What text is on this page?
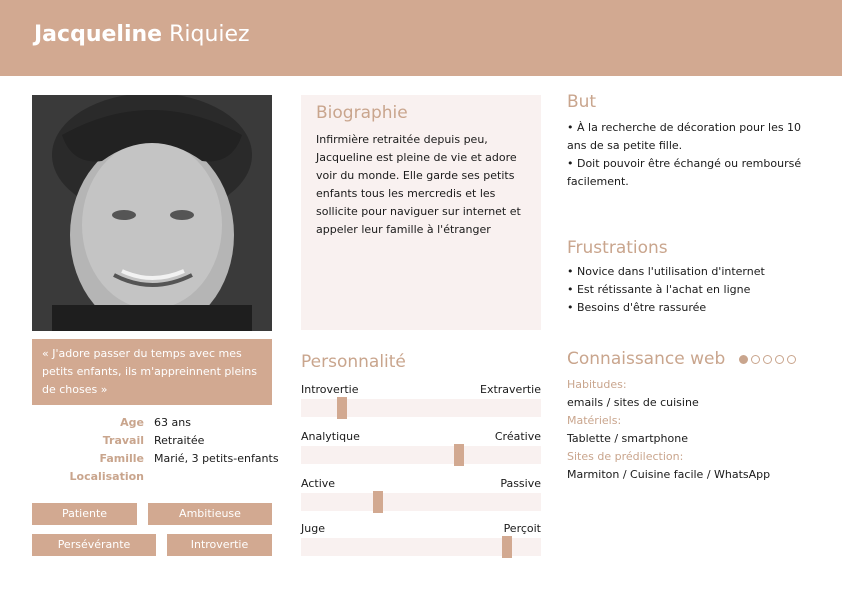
Jacqueline Riquiez
« J'adore passer du temps avec mes petits enfants, ils m'appreinnent pleins de choses »
Age 63 ans
Travail Retraitée
Famille Marié, 3 petits-enfants
Localisation
Patiente	Ambitieuse
Persévérante	Introvertie
Biographie
Infirmière retraitée depuis peu, Jacqueline est pleine de vie et adore voir du monde. Elle garde ses petits enfants tous les mercredis et les sollicite pour naviguer sur internet et appeler leur famille à l'étranger
Personnalité
Introvertie	Extravertie
Analytique	Créative
Active	Passive
Juge	Perçoit
But
• À la recherche de décoration pour les 10 ans de sa petite fille.
• Doit pouvoir être échangé ou remboursé facilement.
Frustrations
• Novice dans l'utilisation d'internet
• Est rétissante à l'achat en ligne
• Besoins d'être rassurée
Connaissance web
Habitudes:
emails / sites de cuisine
Matériels:
Tablette / smartphone
Sites de prédilection:
Marmiton / Cuisine facile / WhatsApp
